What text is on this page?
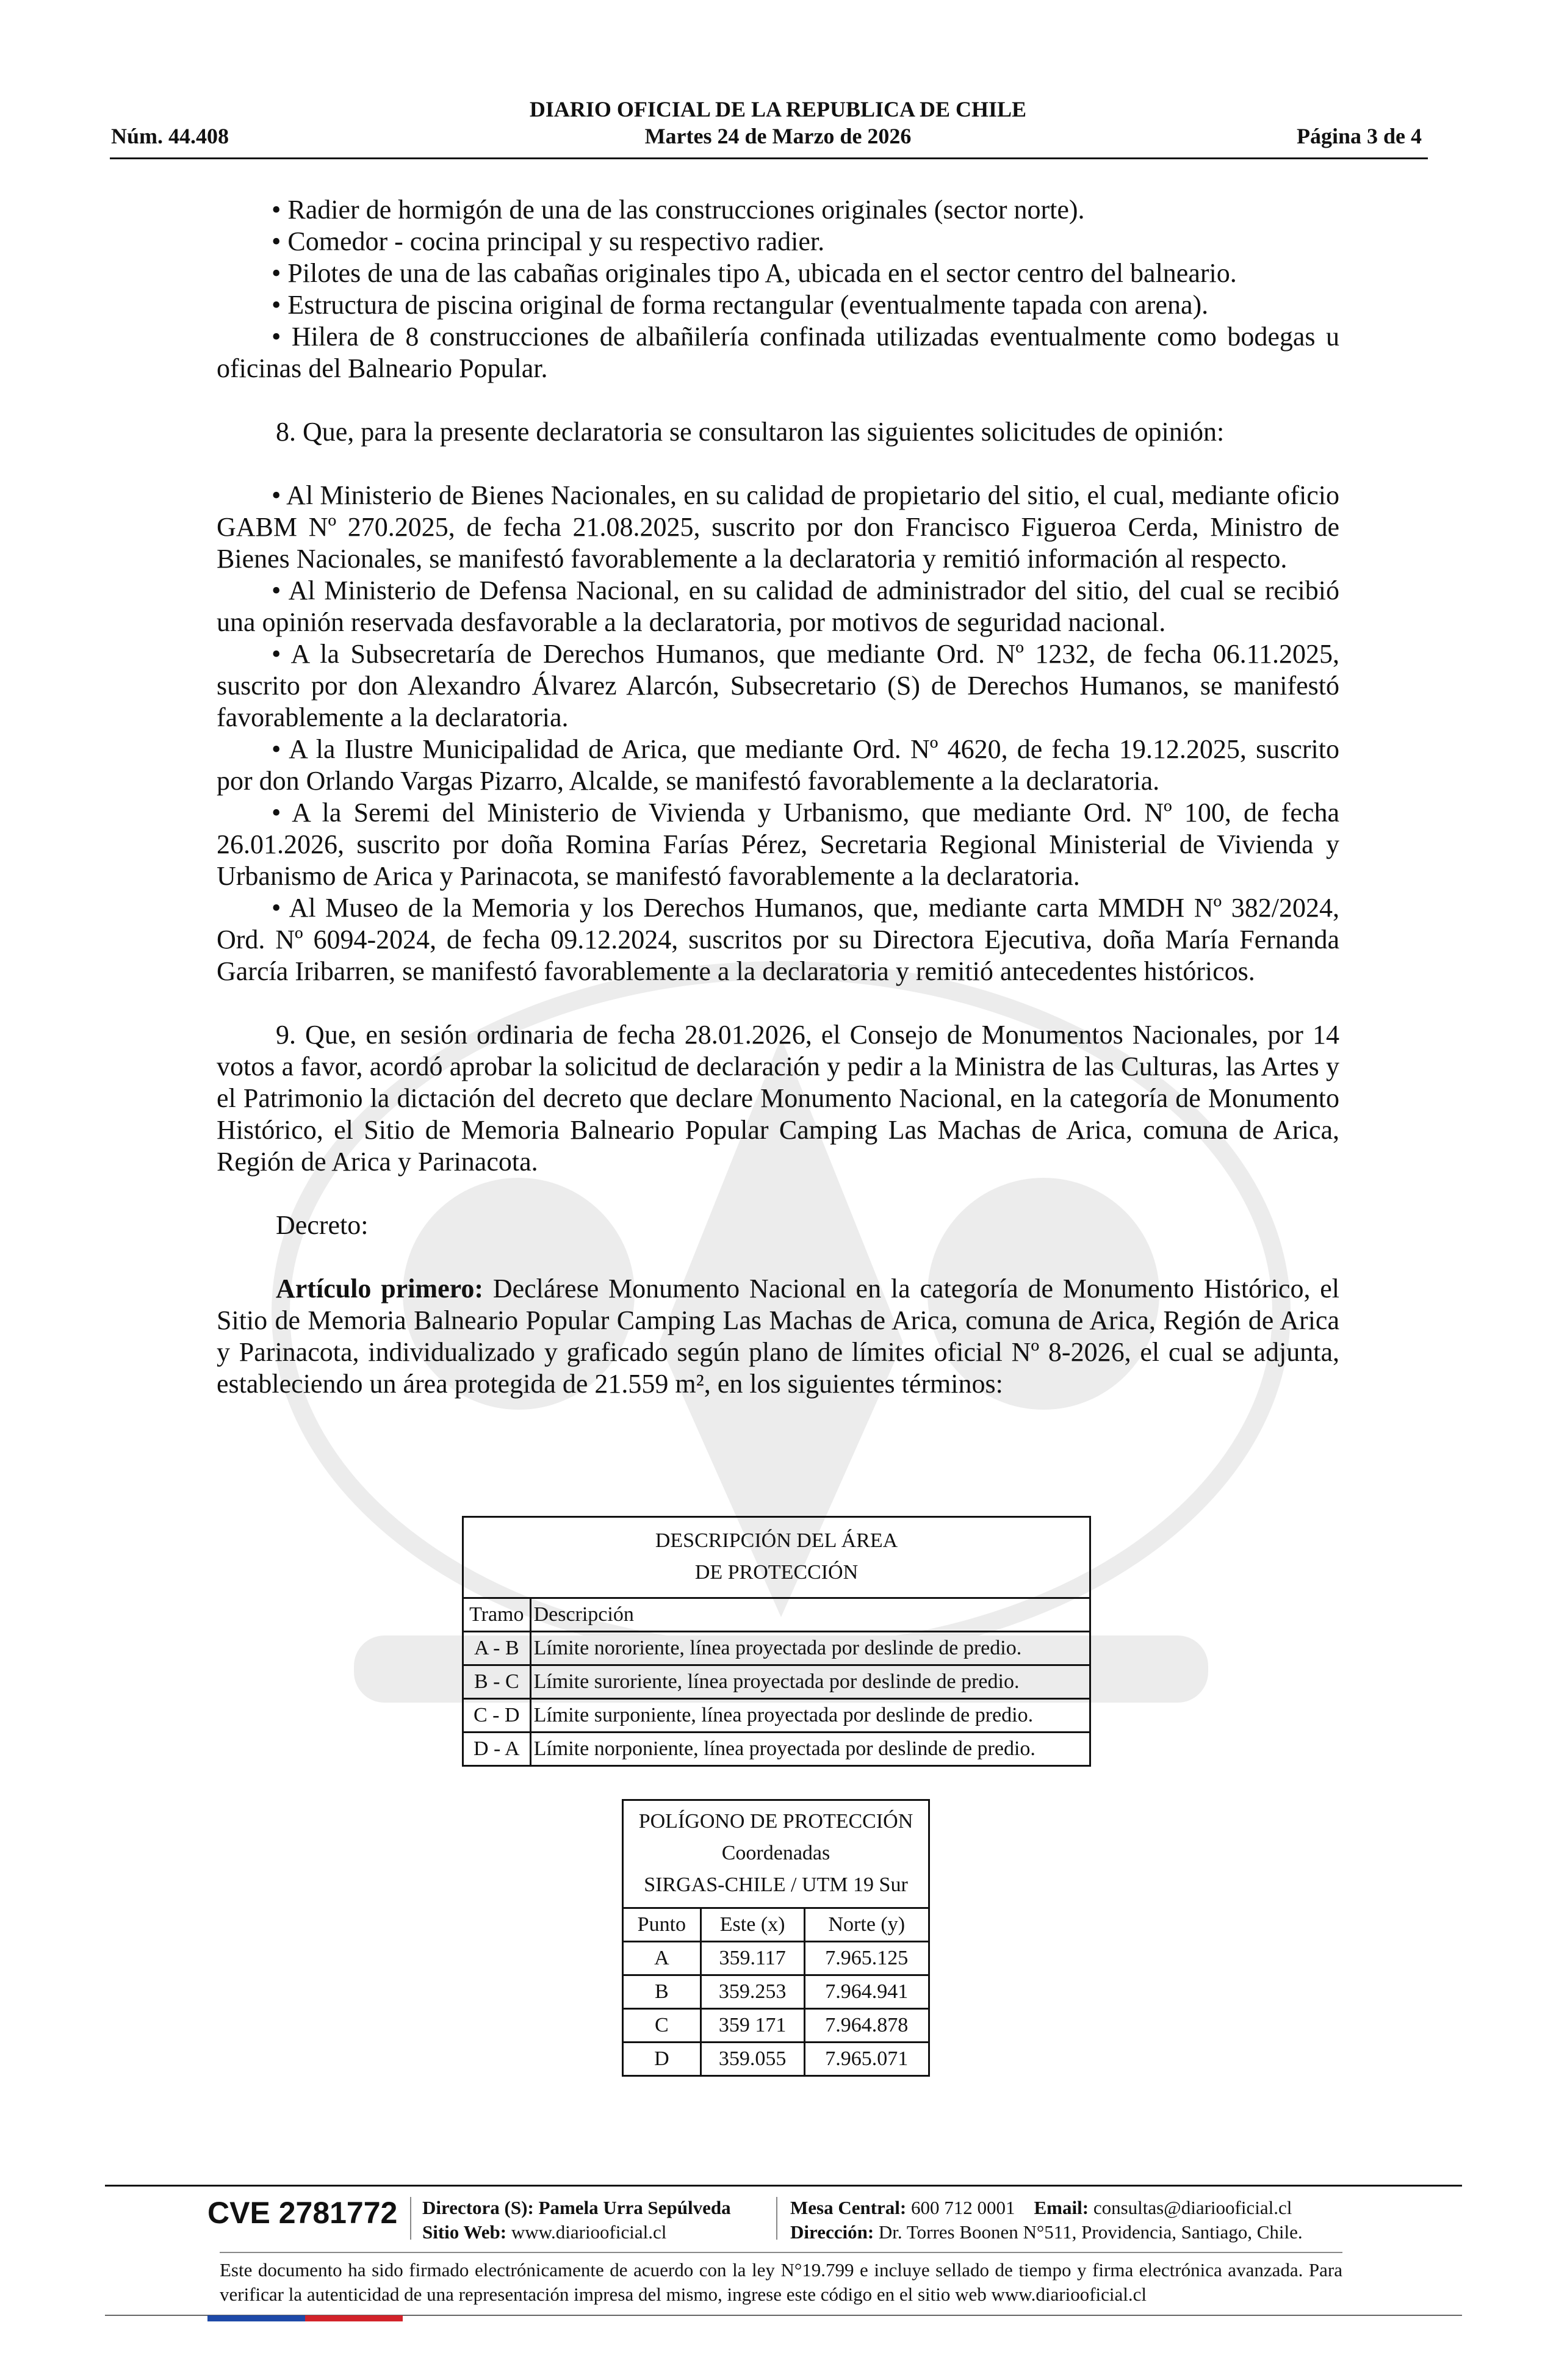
DIARIO OFICIAL DE LA REPUBLICA DE CHILE
Núm. 44.408	Martes 24 de Marzo de 2026	Página 3 de 4

• Radier de hormigón de una de las construcciones originales (sector norte).

• Comedor - cocina principal y su respectivo radier.

• Pilotes de una de las cabañas originales tipo A, ubicada en el sector centro del balneario.

• Estructura de piscina original de forma rectangular (eventualmente tapada con arena).

• Hilera de 8 construcciones de albañilería confinada utilizadas eventualmente como bodegas u oficinas del Balneario Popular.

8. Que, para la presente declaratoria se consultaron las siguientes solicitudes de opinión:

• Al Ministerio de Bienes Nacionales, en su calidad de propietario del sitio, el cual, mediante oficio GABM Nº 270.2025, de fecha 21.08.2025, suscrito por don Francisco Figueroa Cerda, Ministro de Bienes Nacionales, se manifestó favorablemente a la declaratoria y remitió información al respecto.

• Al Ministerio de Defensa Nacional, en su calidad de administrador del sitio, del cual se recibió una opinión reservada desfavorable a la declaratoria, por motivos de seguridad nacional.

• A la Subsecretaría de Derechos Humanos, que mediante Ord. Nº 1232, de fecha 06.11.2025, suscrito por don Alexandro Álvarez Alarcón, Subsecretario (S) de Derechos Humanos, se manifestó favorablemente a la declaratoria.

• A la Ilustre Municipalidad de Arica, que mediante Ord. Nº 4620, de fecha 19.12.2025, suscrito por don Orlando Vargas Pizarro, Alcalde, se manifestó favorablemente a la declaratoria.

• A la Seremi del Ministerio de Vivienda y Urbanismo, que mediante Ord. Nº 100, de fecha 26.01.2026, suscrito por doña Romina Farías Pérez, Secretaria Regional Ministerial de Vivienda y Urbanismo de Arica y Parinacota, se manifestó favorablemente a la declaratoria.

• Al Museo de la Memoria y los Derechos Humanos, que, mediante carta MMDH Nº 382/2024, Ord. Nº 6094-2024, de fecha 09.12.2024, suscritos por su Directora Ejecutiva, doña María Fernanda García Iribarren, se manifestó favorablemente a la declaratoria y remitió antecedentes históricos.

9. Que, en sesión ordinaria de fecha 28.01.2026, el Consejo de Monumentos Nacionales, por 14 votos a favor, acordó aprobar la solicitud de declaración y pedir a la Ministra de las Culturas, las Artes y el Patrimonio la dictación del decreto que declare Monumento Nacional, en la categoría de Monumento Histórico, el Sitio de Memoria Balneario Popular Camping Las Machas de Arica, comuna de Arica, Región de Arica y Parinacota.

Decreto:

Artículo primero: Declárese Monumento Nacional en la categoría de Monumento Histórico, el Sitio de Memoria Balneario Popular Camping Las Machas de Arica, comuna de Arica, Región de Arica y Parinacota, individualizado y graficado según plano de límites oficial Nº 8-2026, el cual se adjunta, estableciendo un área protegida de 21.559 m², en los siguientes términos:

DESCRIPCIÓN DEL ÁREA
DE PROTECCIÓN	

Tramo	Descripción
A - B	Límite nororiente, línea proyectada por deslinde de predio.
B - C	Límite suroriente, línea proyectada por deslinde de predio.
C - D	Límite surponiente, línea proyectada por deslinde de predio.
D - A	Límite norponiente, línea proyectada por deslinde de predio.
POLÍGONO DE PROTECCIÓN
Coordenadas
SIRGAS-CHILE / UTM 19 Sur		

Punto	Este (x)	Norte (y)
A	359.117	7.965.125
B	359.253	7.964.941
C	359 171	7.964.878
D	359.055	7.965.071
CVE 2781772 Directora (S): Pamela Urra Sepúlveda
Sitio Web: www.diariooficial.cl
Mesa Central: 600 712 0001 Email: consultas@diariooficial.cl
Dirección: Dr. Torres Boonen N°511, Providencia, Santiago, Chile.
Este documento ha sido firmado electrónicamente de acuerdo con la ley N°19.799 e incluye sellado de tiempo y firma electrónica avanzada. Para verificar la autenticidad de una representación impresa del mismo, ingrese este código en el sitio web www.diariooficial.cl
